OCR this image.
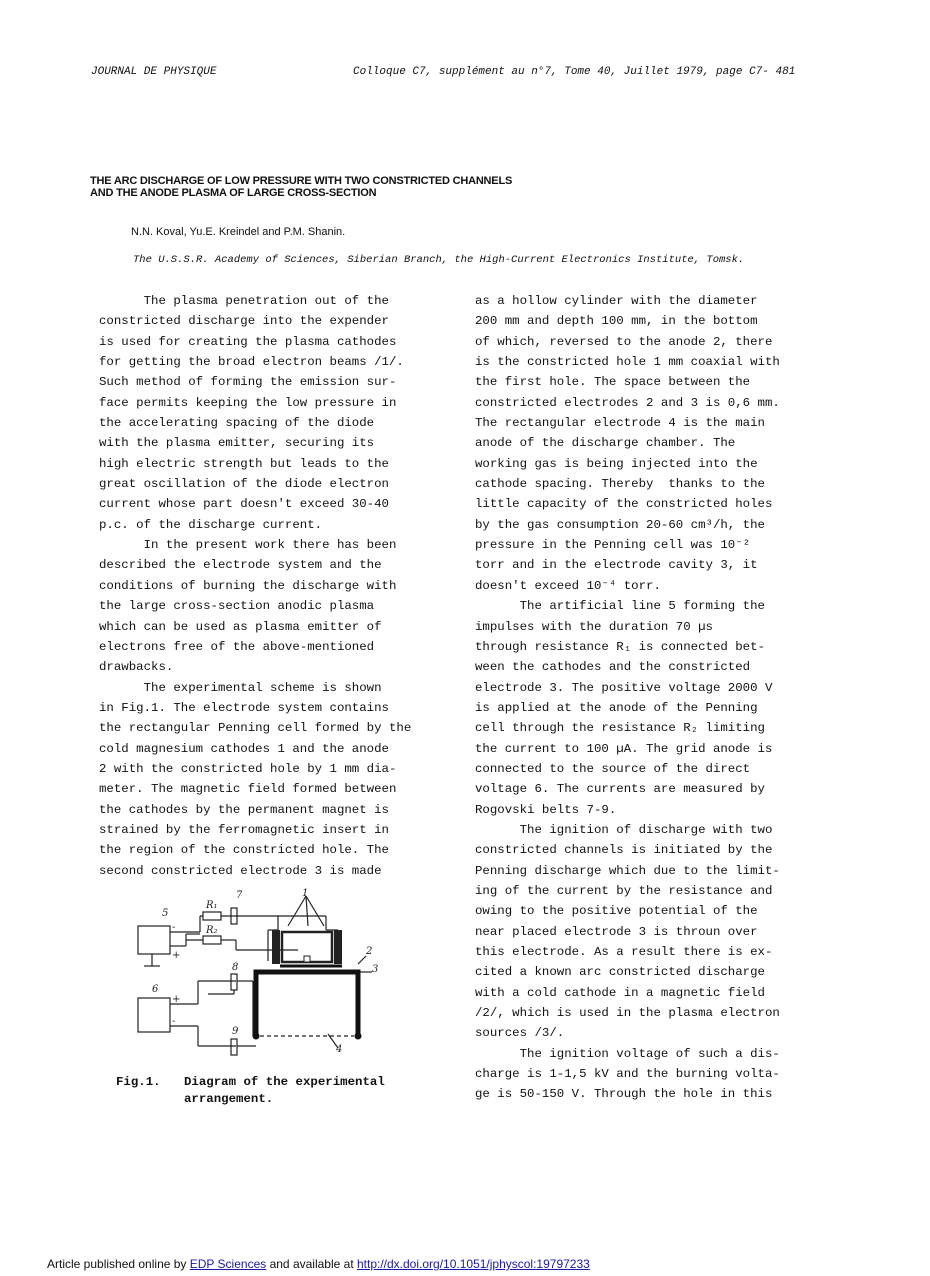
JOURNAL DE PHYSIQUE	Colloque C7, supplément au n°7, Tome 40, Juillet 1979, page C7- 481
THE ARC DISCHARGE OF LOW PRESSURE WITH TWO CONSTRICTED CHANNELS
AND THE ANODE PLASMA OF LARGE CROSS-SECTION
N.N. Koval, Yu.E. Kreindel and P.M. Shanin.
The U.S.S.R. Academy of Sciences, Siberian Branch, the High-Current Electronics Institute, Tomsk.

The plasma penetration out of the

constricted discharge into the expender

is used for creating the plasma cathodes

for getting the broad electron beams /1/.

Such method of forming the emission sur-

face permits keeping the low pressure in

the accelerating spacing of the diode

with the plasma emitter, securing its

high electric strength but leads to the

great oscillation of the diode electron

current whose part doesn't exceed 30-40

p.c. of the discharge current.

In the present work there has been

described the electrode system and the

conditions of burning the discharge with

the large cross-section anodic plasma

which can be used as plasma emitter of

electrons free of the above-mentioned

drawbacks.

The experimental scheme is shown

in Fig.1. The electrode system contains

the rectangular Penning cell formed by the

cold magnesium cathodes 1 and the anode

2 with the constricted hole by 1 mm dia-

meter. The magnetic field formed between

the cathodes by the permanent magnet is

strained by the ferromagnetic insert in

the region of the constricted hole. The

second constricted electrode 3 is made

as a hollow cylinder with the diameter

200 mm and depth 100 mm, in the bottom

of which, reversed to the anode 2, there

is the constricted hole 1 mm coaxial with

the first hole. The space between the

constricted electrodes 2 and 3 is 0,6 mm.

The rectangular electrode 4 is the main

anode of the discharge chamber. The

working gas is being injected into the

cathode spacing. Thereby  thanks to the

little capacity of the constricted holes

by the gas consumption 20-60 cm³/h, the

pressure in the Penning cell was 10⁻²

torr and in the electrode cavity 3, it

doesn't exceed 10⁻⁴ torr.

The artificial line 5 forming the

impulses with the duration 70 µs

through resistance R₁ is connected bet-

ween the cathodes and the constricted

electrode 3. The positive voltage 2000 V

is applied at the anode of the Penning

cell through the resistance R₂ limiting

the current to 100 µA. The grid anode is

connected to the source of the direct

voltage 6. The currents are measured by

Rogovski belts 7-9.

The ignition of discharge with two

constricted channels is initiated by the

Penning discharge which due to the limit-

ing of the current by the resistance and

owing to the positive potential of the

near placed electrode 3 is throun over

this electrode. As a result there is ex-

cited a known arc constricted discharge

with a cold cathode in a magnetic field

/2/, which is used in the plasma electron

sources /3/.

The ignition voltage of such a dis-

charge is 1-1,5 kV and the burning volta-

ge is 50-150 V. Through the hole in this

5
7	1
R₁
R₂
-
+	2
3
8
6
+
-
9
4
Fig.1. Diagram of the experimental
arrangement.
Article published online by EDP Sciences and available at http://dx.doi.org/10.1051/jphyscol:19797233
